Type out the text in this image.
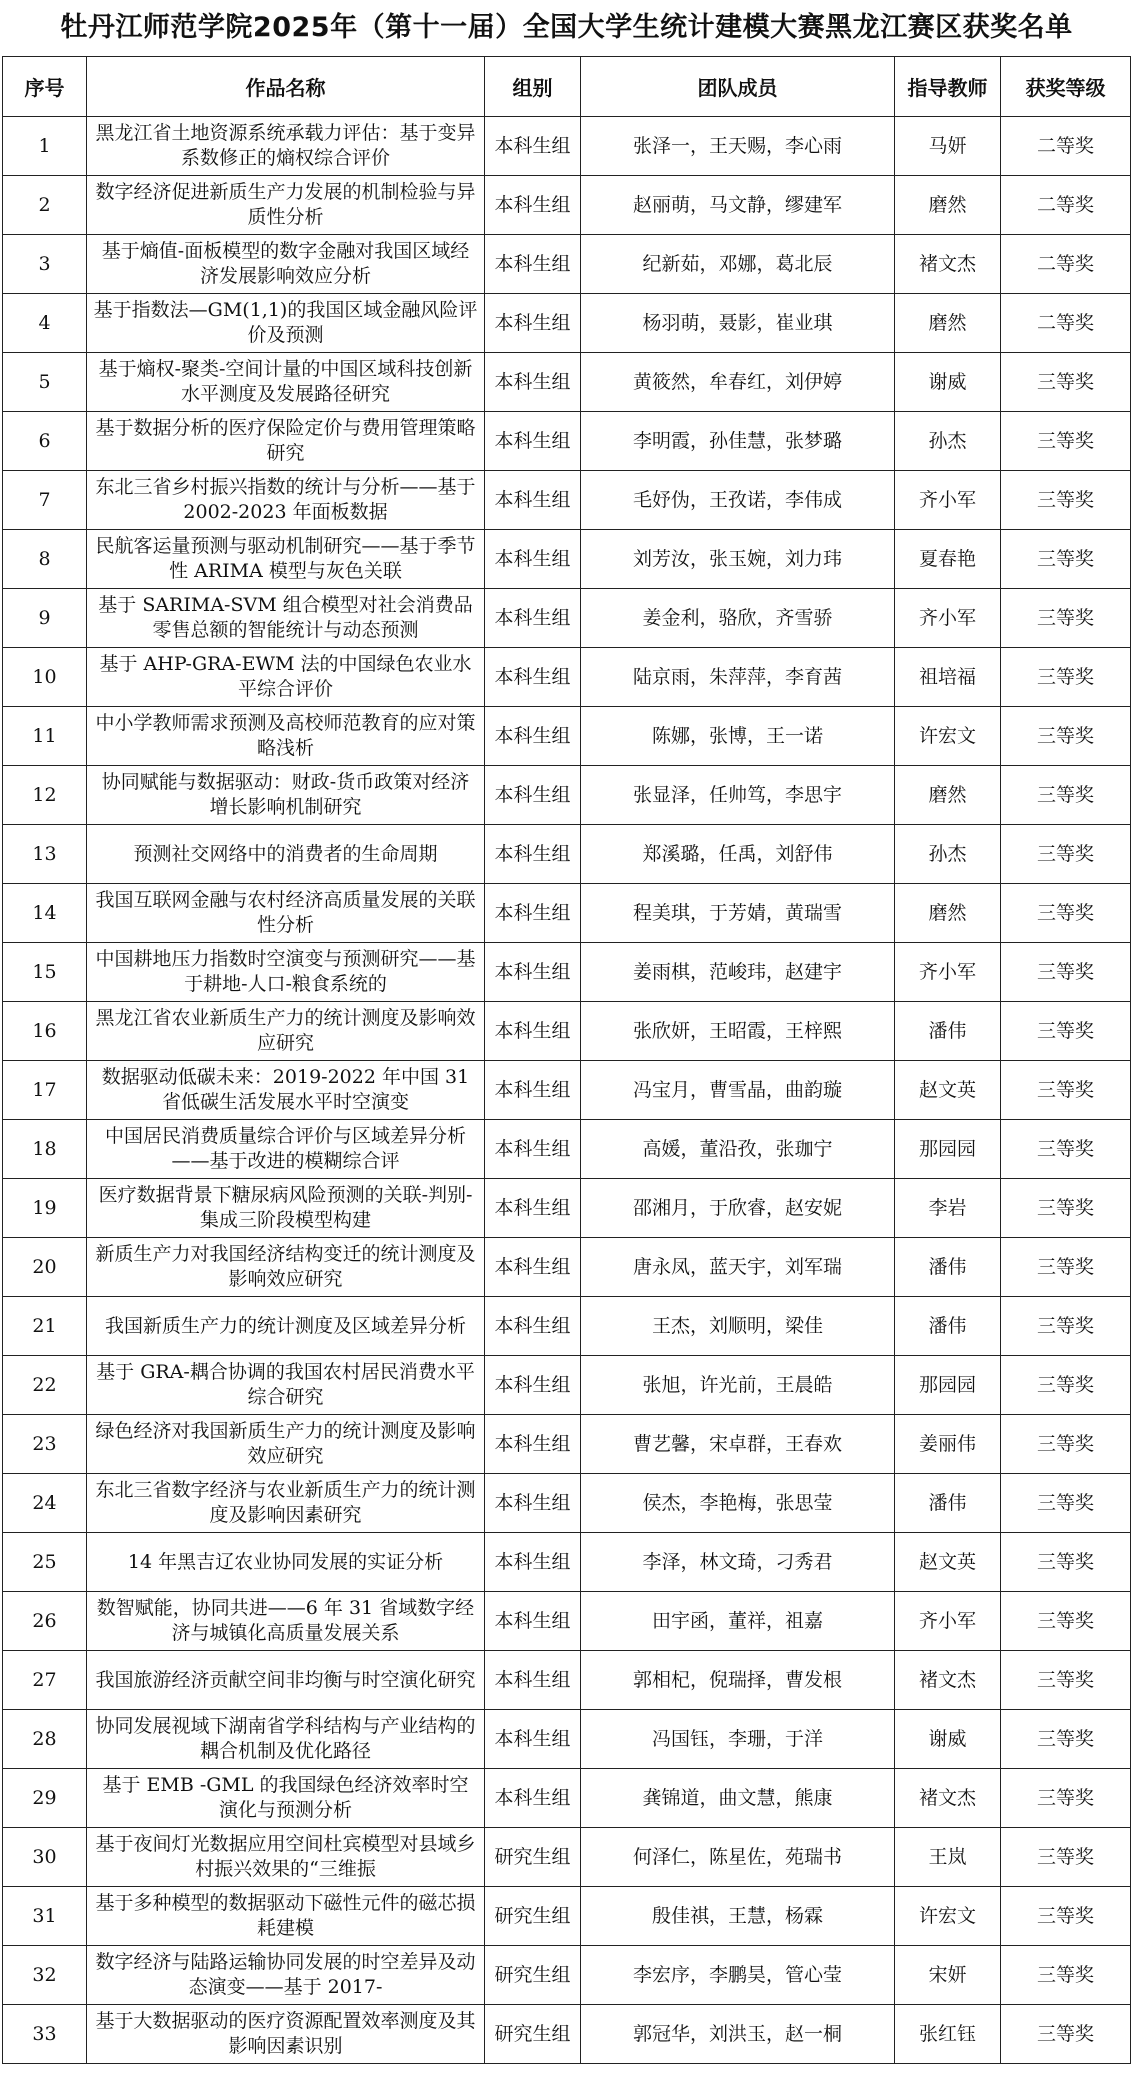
牡丹江师范学院2025年（第十一届）全国大学生统计建模大赛黑龙江赛区获奖名单
序号	作品名称	组别	团队成员	指导教师	获奖等级
1	黑龙江省土地资源系统承载力评估：基于变异系数修正的熵权综合评价	本科生组	张泽一，王天赐，李心雨	马妍	二等奖
2	数字经济促进新质生产力发展的机制检验与异质性分析	本科生组	赵丽萌，马文静，缪建军	磨然	二等奖
3	基于熵值-面板模型的数字金融对我国区域经济发展影响效应分析	本科生组	纪新茹，邓娜，葛北辰	褚文杰	二等奖
4	基于指数法—GM(1,1)的我国区域金融风险评价及预测	本科生组	杨羽萌，聂影，崔业琪	磨然	二等奖
5	基于熵权-聚类-空间计量的中国区域科技创新水平测度及发展路径研究	本科生组	黄筱然，牟春红，刘伊婷	谢威	三等奖
6	基于数据分析的医疗保险定价与费用管理策略研究	本科生组	李明霞，孙佳慧，张梦璐	孙杰	三等奖
7	东北三省乡村振兴指数的统计与分析——基于 2002-2023 年面板数据	本科生组	毛妤伪，王孜诺，李伟成	齐小军	三等奖
8	民航客运量预测与驱动机制研究——基于季节性 ARIMA 模型与灰色关联	本科生组	刘芳汝，张玉婉，刘力玮	夏春艳	三等奖
9	基于 SARIMA-SVM 组合模型对社会消费品零售总额的智能统计与动态预测	本科生组	姜金利，骆欣，齐雪骄	齐小军	三等奖
10	基于 AHP-GRA-EWM 法的中国绿色农业水平综合评价	本科生组	陆京雨，朱萍萍，李育茜	祖培福	三等奖
11	中小学教师需求预测及高校师范教育的应对策略浅析	本科生组	陈娜，张博，王一诺	许宏文	三等奖
12	协同赋能与数据驱动：财政-货币政策对经济增长影响机制研究	本科生组	张显泽，任帅笃，李思宇	磨然	三等奖
13	预测社交网络中的消费者的生命周期	本科生组	郑溪璐，任禹，刘舒伟	孙杰	三等奖
14	我国互联网金融与农村经济高质量发展的关联性分析	本科生组	程美琪，于芳婧，黄瑞雪	磨然	三等奖
15	中国耕地压力指数时空演变与预测研究——基于耕地-人口-粮食系统的	本科生组	姜雨棋，范峻玮，赵建宇	齐小军	三等奖
16	黑龙江省农业新质生产力的统计测度及影响效应研究	本科生组	张欣妍，王昭霞，王梓熙	潘伟	三等奖
17	数据驱动低碳未来：2019-2022 年中国 31 省低碳生活发展水平时空演变	本科生组	冯宝月，曹雪晶，曲韵璇	赵文英	三等奖
18	中国居民消费质量综合评价与区域差异分析——基于改进的模糊综合评	本科生组	高媛，董沿孜，张珈宁	那园园	三等奖
19	医疗数据背景下糖尿病风险预测的关联-判别-集成三阶段模型构建	本科生组	邵湘月，于欣睿，赵安妮	李岩	三等奖
20	新质生产力对我国经济结构变迁的统计测度及影响效应研究	本科生组	唐永凤，蓝天宇，刘军瑞	潘伟	三等奖
21	我国新质生产力的统计测度及区域差异分析	本科生组	王杰，刘顺明，梁佳	潘伟	三等奖
22	基于 GRA-耦合协调的我国农村居民消费水平综合研究	本科生组	张旭，许光前，王晨皓	那园园	三等奖
23	绿色经济对我国新质生产力的统计测度及影响效应研究	本科生组	曹艺馨，宋卓群，王春欢	姜丽伟	三等奖
24	东北三省数字经济与农业新质生产力的统计测度及影响因素研究	本科生组	侯杰，李艳梅，张思莹	潘伟	三等奖
25	14 年黑吉辽农业协同发展的实证分析	本科生组	李泽，林文琦，刁秀君	赵文英	三等奖
26	数智赋能，协同共进——6 年 31 省域数字经济与城镇化高质量发展关系	本科生组	田宇函，董祥，祖嘉	齐小军	三等奖
27	我国旅游经济贡献空间非均衡与时空演化研究	本科生组	郭相杞，倪瑞择，曹发根	褚文杰	三等奖
28	协同发展视域下湖南省学科结构与产业结构的耦合机制及优化路径	本科生组	冯国钰，李珊，于洋	谢威	三等奖
29	基于 EMB -GML 的我国绿色经济效率时空演化与预测分析	本科生组	龚锦道，曲文慧，熊康	褚文杰	三等奖
30	基于夜间灯光数据应用空间杜宾模型对县域乡村振兴效果的“三维振	研究生组	何泽仁，陈星佐，苑瑞书	王岚	三等奖
31	基于多种模型的数据驱动下磁性元件的磁芯损耗建模	研究生组	殷佳祺，王慧，杨霖	许宏文	三等奖
32	数字经济与陆路运输协同发展的时空差异及动态演变——基于 2017-	研究生组	李宏序，李鹏昊，管心莹	宋妍	三等奖
33	基于大数据驱动的医疗资源配置效率测度及其影响因素识别	研究生组	郭冠华，刘洪玉，赵一桐	张红钰	三等奖
